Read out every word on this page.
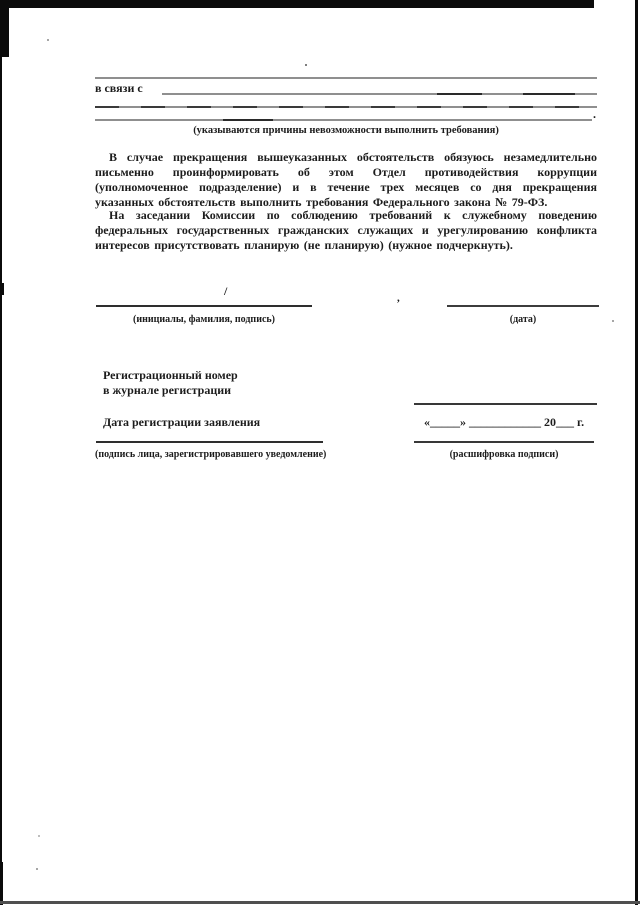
в связи с
.
(указываются причины невозможности выполнить требования)
В случае прекращения вышеуказанных обстоятельств обязуюсь незамедлительно письменно проинформировать об этом Отдел противодействия коррупции (уполномоченное подразделение) и в течение трех месяцев со дня прекращения указанных обстоятельств выполнить требования Федерального закона № 79-ФЗ.
На заседании Комиссии по соблюдению требований к служебному поведению федеральных государственных гражданских служащих и урегулированию конфликта интересов присутствовать планирую (не планирую) (нужное подчеркнуть).
/
(инициалы, фамилия, подпись)
,
(дата)
Регистрационный номер
в журнале регистрации
Дата регистрации заявления	«_____» ____________ 20___ г.
(подпись лица, зарегистрировавшего уведомление)	(расшифровка подписи)
